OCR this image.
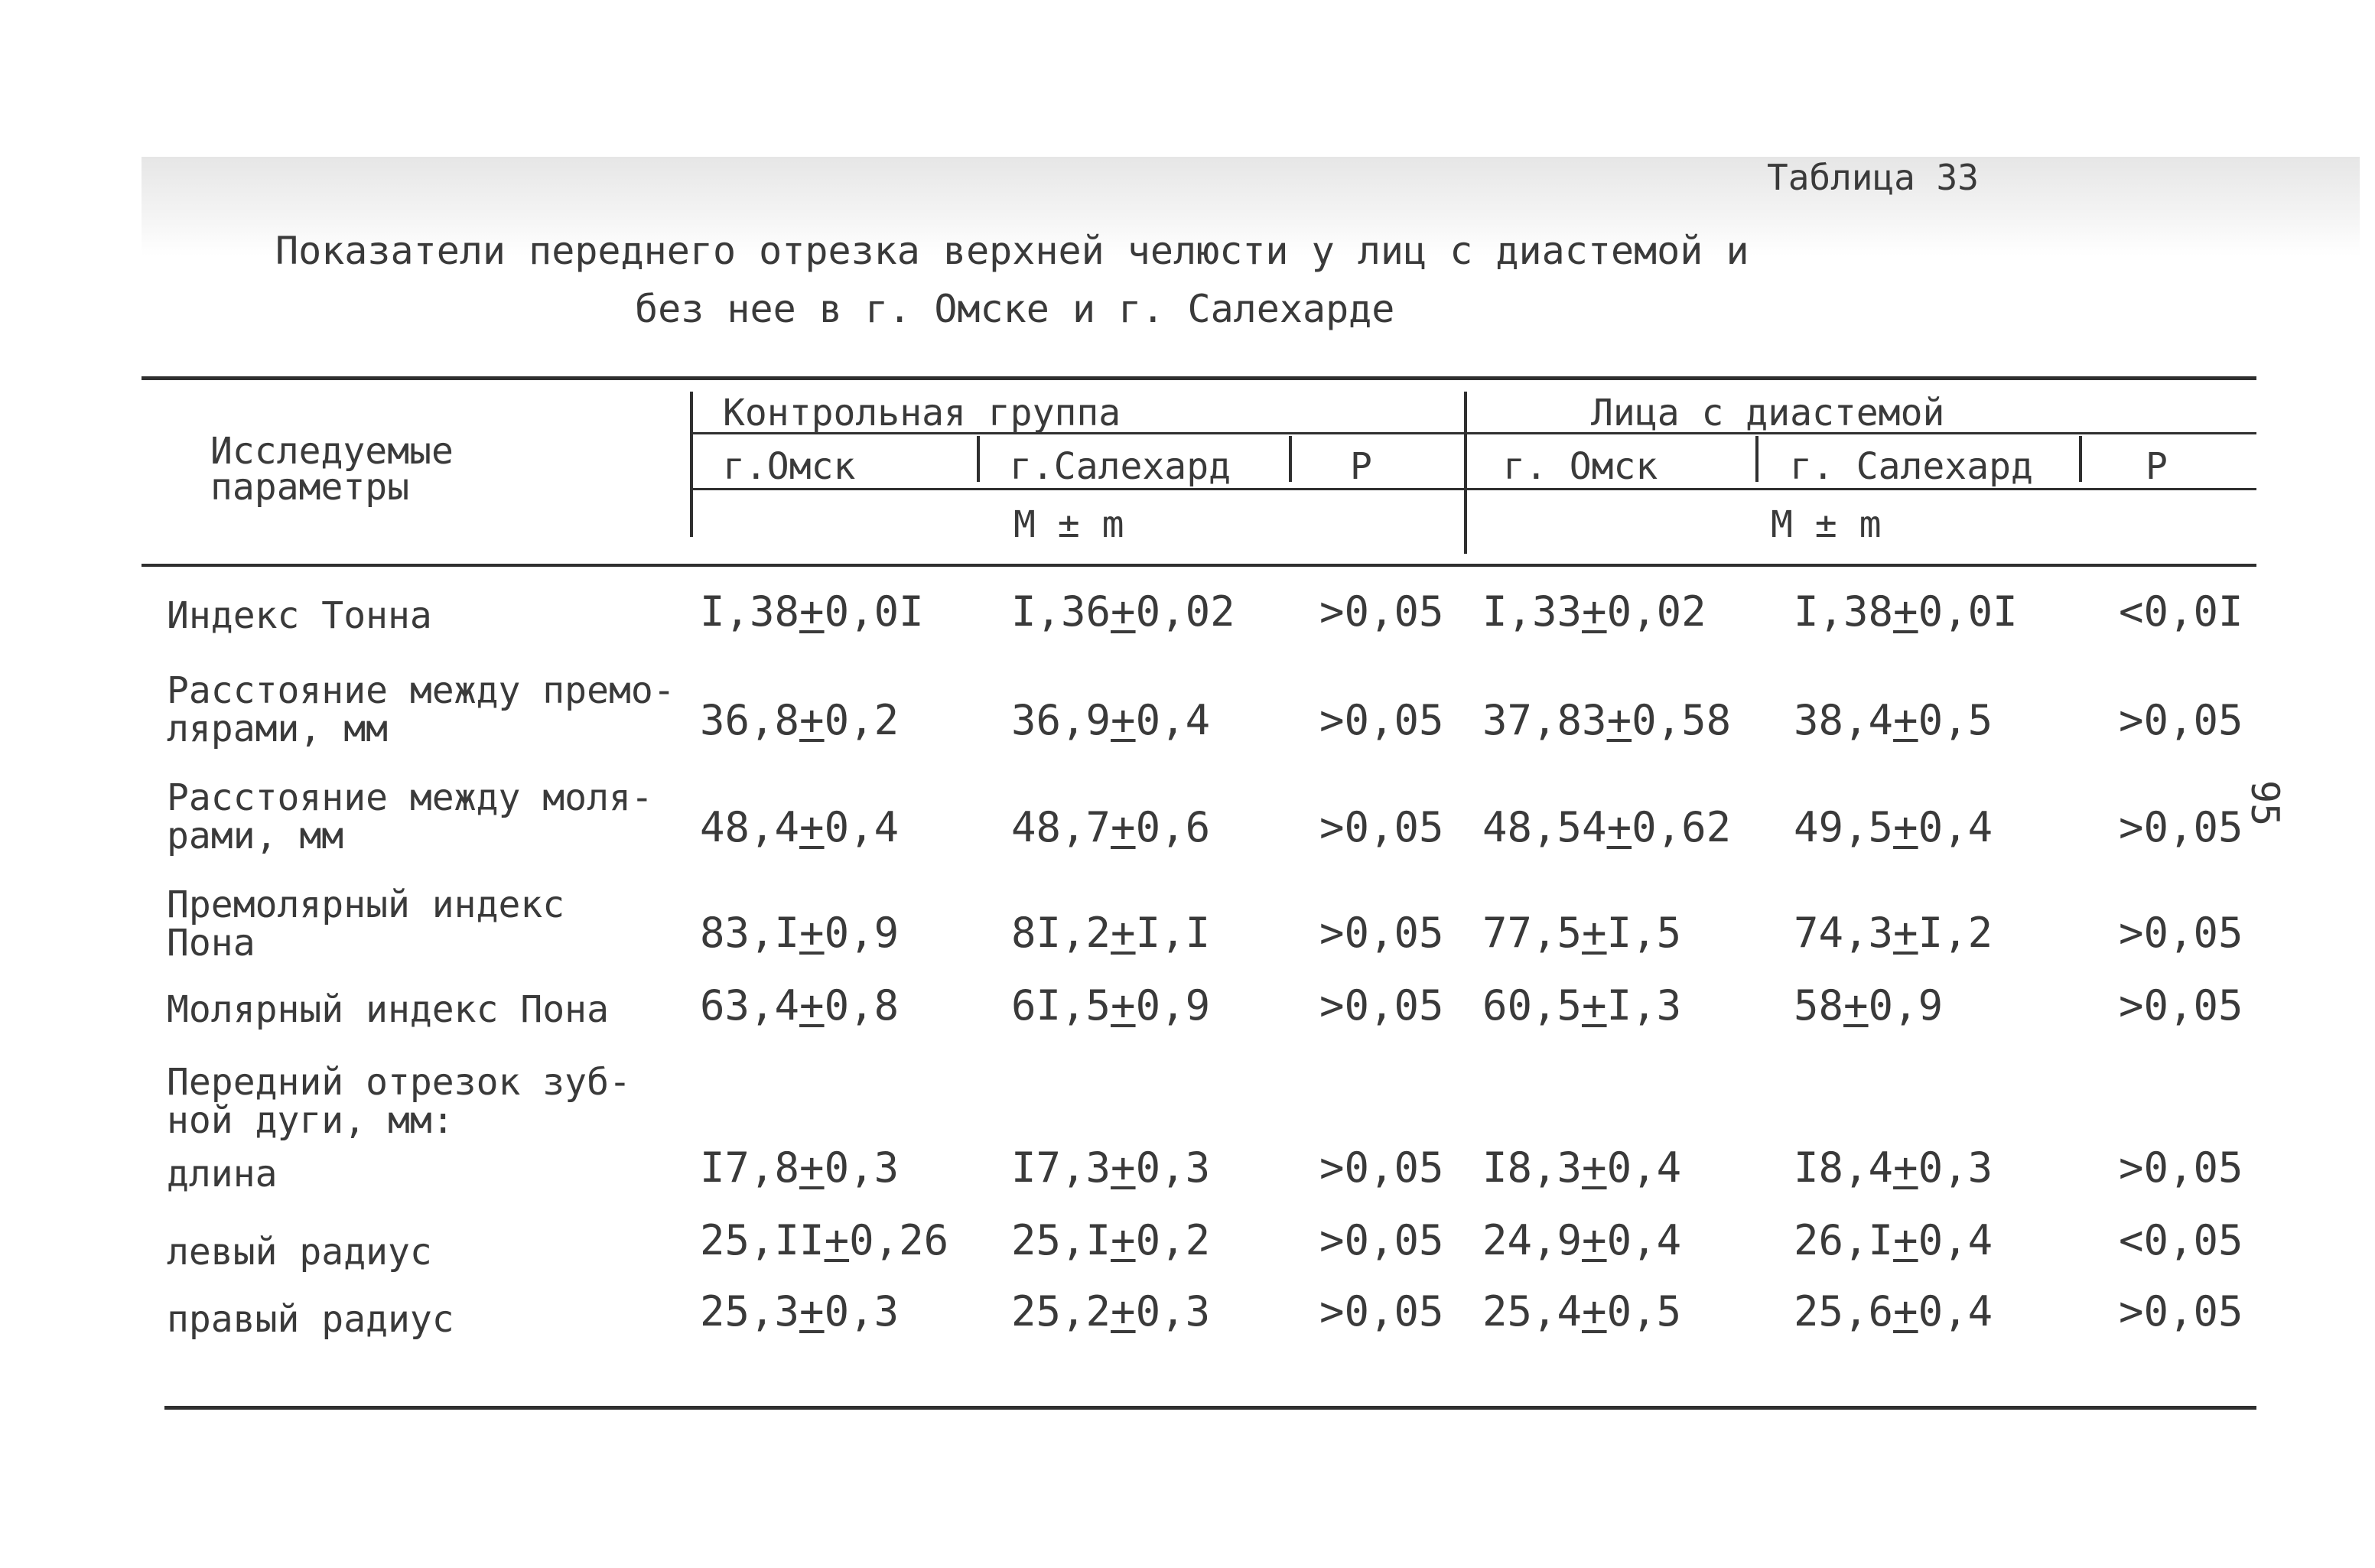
Таблица 33
Показатели переднего отрезка верхней челюсти у лиц с диастемой и
без нее в г. Омске и г. Салехарде
Исследуемые
параметры
Контрольная группа	Лица с диастемой
г.Омск	г.Салехард	P	г. Омск	г. Салехард	P
M ± m	M ± m
Индекс Тонна	I,38+0,0I I,36+0,02 >0,05 I,33+0,02 I,38+0,0I <0,0I
Расстояние между премо-
лярами, мм	36,8+0,2	36,9+0,4	>0,05 37,83+0,58 38,4+0,5	>0,05
Расстояние между моля-
рами, мм	48,4+0,4	48,7+0,6	>0,05 48,54+0,62 49,5+0,4	>0,05
Премолярный индекс
Пона	83,I+0,9	8I,2+I,I	>0,05 77,5+I,5	74,3+I,2	>0,05
Молярный индекс Пона 63,4+0,8	6I,5+0,9	>0,05 60,5+I,3	58+0,9	>0,05
Передний отрезок зуб-
ной дуги, мм:
длина	I7,8+0,3	I7,3+0,3	>0,05 I8,3+0,4	I8,4+0,3	>0,05
левый радиус	25,II+0,26 25,I+0,2	>0,05 24,9+0,4	26,I+0,4	<0,05
правый радиус	25,3+0,3	25,2+0,3	>0,05 25,4+0,5	25,6+0,4	>0,05
95
